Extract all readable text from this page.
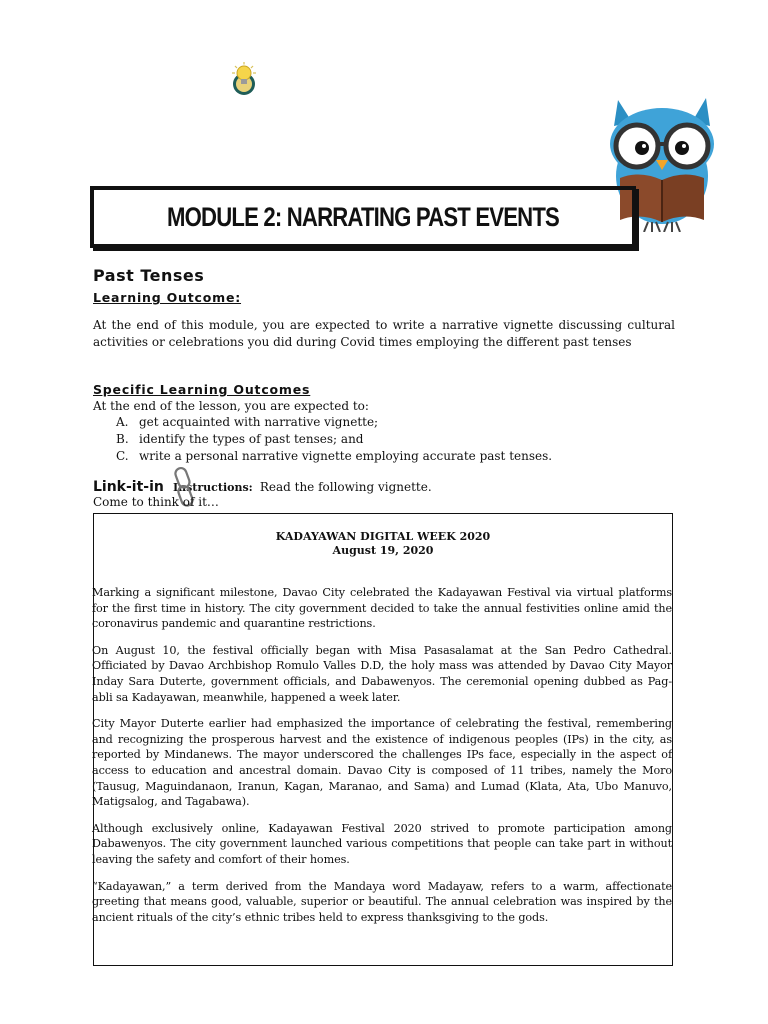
MODULE 2: NARRATING PAST EVENTS
Past Tenses
Learning Outcome:

At the end of this module, you are expected to write a narrative vignette discussing cultural activities or celebrations you did during Covid times employing the different past tenses

Specific Learning Outcomes
At the end of the lesson, you are expected to:
A. get acquainted with narrative vignette;
B. identify the types of past tenses; and
C. write a personal narrative vignette employing accurate past tenses.
Link-it-in Instructions: Read the following vignette.
Come to think of it…
KADAYAWAN DIGITAL WEEK 2020
August 19, 2020

Marking a significant milestone, Davao City celebrated the Kadayawan Festival via virtual platforms for the first time in history. The city government decided to take the annual festivities online amid the coronavirus pandemic and quarantine restrictions.

On August 10, the festival officially began with Misa Pasasalamat at the San Pedro Cathedral. Officiated by Davao Archbishop Romulo Valles D.D, the holy mass was attended by Davao City Mayor Inday Sara Duterte, government officials, and Dabawenyos. The ceremonial opening dubbed as Pag-abli sa Kadayawan, meanwhile, happened a week later.

City Mayor Duterte earlier had emphasized the importance of celebrating the festival, remembering and recognizing the prosperous harvest and the existence of indigenous peoples (IPs) in the city, as reported by Mindanews. The mayor underscored the challenges IPs face, especially in the aspect of access to education and ancestral domain. Davao City is composed of 11 tribes, namely the Moro (Tausug, Maguindanaon, Iranun, Kagan, Maranao, and Sama) and Lumad (Klata, Ata, Ubo Manuvo, Matigsalog, and Tagabawa).

Although exclusively online, Kadayawan Festival 2020 strived to promote participation among Dabawenyos. The city government launched various competitions that people can take part in without leaving the safety and comfort of their homes.

“Kadayawan,” a term derived from the Mandaya word Madayaw, refers to a warm, affectionate greeting that means good, valuable, superior or beautiful. The annual celebration was inspired by the ancient rituals of the city’s ethnic tribes held to express thanksgiving to the gods.
